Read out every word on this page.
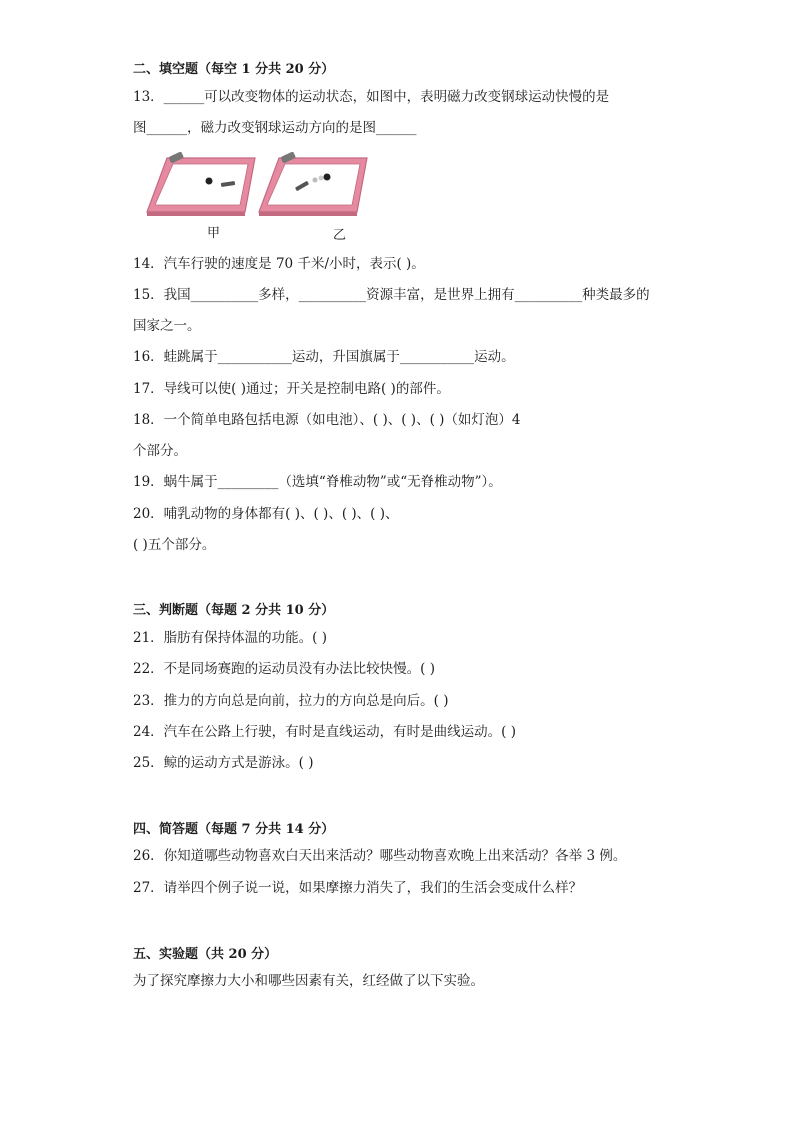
二、填空题（每空 1 分共 20 分）
13．______可以改变物体的运动状态，如图中，表明磁力改变钢球运动快慢的是
图______，磁力改变钢球运动方向的是图______
甲	乙
14．汽车行驶的速度是 70 千米/小时，表示( )。
15．我国__________多样，__________资源丰富，是世界上拥有__________种类最多的
国家之一。
16．蛙跳属于___________运动，升国旗属于___________运动。
17．导线可以使( )通过；开关是控制电路( )的部件。
18．一个简单电路包括电源（如电池）、( )、( )、( )（如灯泡）4
个部分。
19．蜗牛属于_________（选填“脊椎动物”或“无脊椎动物”）。
20．哺乳动物的身体都有( )、( )、( )、( )、
( )五个部分。
三、判断题（每题 2 分共 10 分）
21．脂肪有保持体温的功能。( )
22．不是同场赛跑的运动员没有办法比较快慢。( )
23．推力的方向总是向前，拉力的方向总是向后。( )
24．汽车在公路上行驶，有时是直线运动，有时是曲线运动。( )
25．鲸的运动方式是游泳。( )
四、简答题（每题 7 分共 14 分）
26．你知道哪些动物喜欢白天出来活动？哪些动物喜欢晚上出来活动？各举 3 例。
27．请举四个例子说一说，如果摩擦力消失了，我们的生活会变成什么样？
五、实验题（共 20 分）
为了探究摩擦力大小和哪些因素有关，红经做了以下实验。
